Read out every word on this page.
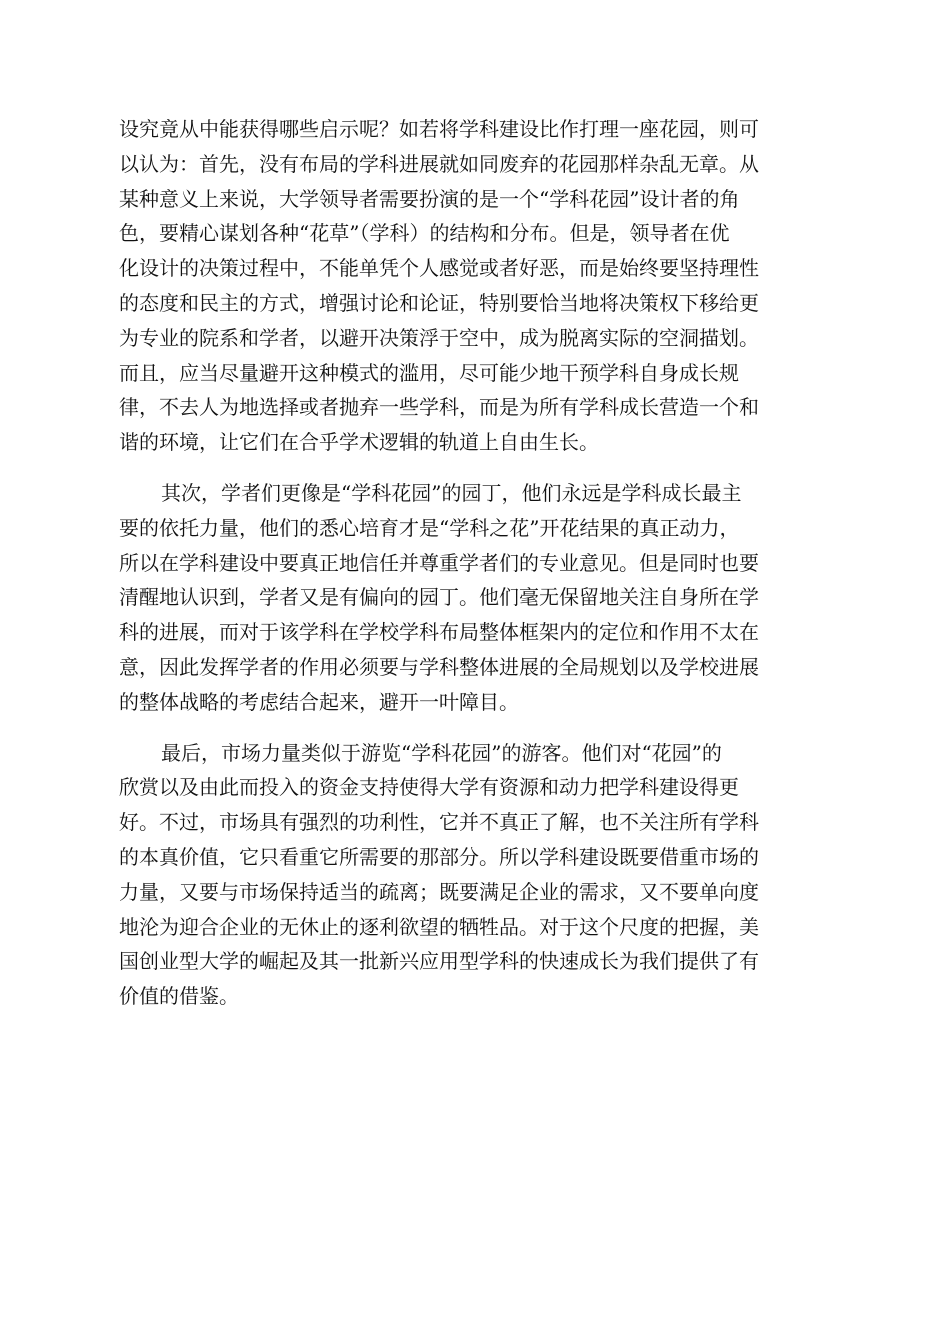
设究竟从中能获得哪些启示呢？如若将学科建设比作打理一座花园，则可
以认为：首先，没有布局的学科进展就如同废弃的花园那样杂乱无章。从
某种意义上来说，大学领导者需要扮演的是一个“学科花园”设计者的角
色，要精心谋划各种“花草”（学科）的结构和分布。但是，领导者在优
化设计的决策过程中，不能单凭个人感觉或者好恶，而是始终要坚持理性
的态度和民主的方式，增强讨论和论证，特别要恰当地将决策权下移给更
为专业的院系和学者，以避开决策浮于空中，成为脱离实际的空洞描划。
而且，应当尽量避开这种模式的滥用，尽可能少地干预学科自身成长规
律，不去人为地选择或者抛弃一些学科，而是为所有学科成长营造一个和
谐的环境，让它们在合乎学术逻辑的轨道上自由生长。

其次，学者们更像是“学科花园”的园丁，他们永远是学科成长最主
要的依托力量，他们的悉心培育才是“学科之花”开花结果的真正动力，
所以在学科建设中要真正地信任并尊重学者们的专业意见。但是同时也要
清醒地认识到，学者又是有偏向的园丁。他们毫无保留地关注自身所在学
科的进展，而对于该学科在学校学科布局整体框架内的定位和作用不太在
意，因此发挥学者的作用必须要与学科整体进展的全局规划以及学校进展
的整体战略的考虑结合起来，避开一叶障目。

最后，市场力量类似于游览“学科花园”的游客。他们对“花园”的
欣赏以及由此而投入的资金支持使得大学有资源和动力把学科建设得更
好。不过，市场具有强烈的功利性，它并不真正了解，也不关注所有学科
的本真价值，它只看重它所需要的那部分。所以学科建设既要借重市场的
力量，又要与市场保持适当的疏离；既要满足企业的需求，又不要单向度
地沦为迎合企业的无休止的逐利欲望的牺牲品。对于这个尺度的把握，美
国创业型大学的崛起及其一批新兴应用型学科的快速成长为我们提供了有
价值的借鉴。
